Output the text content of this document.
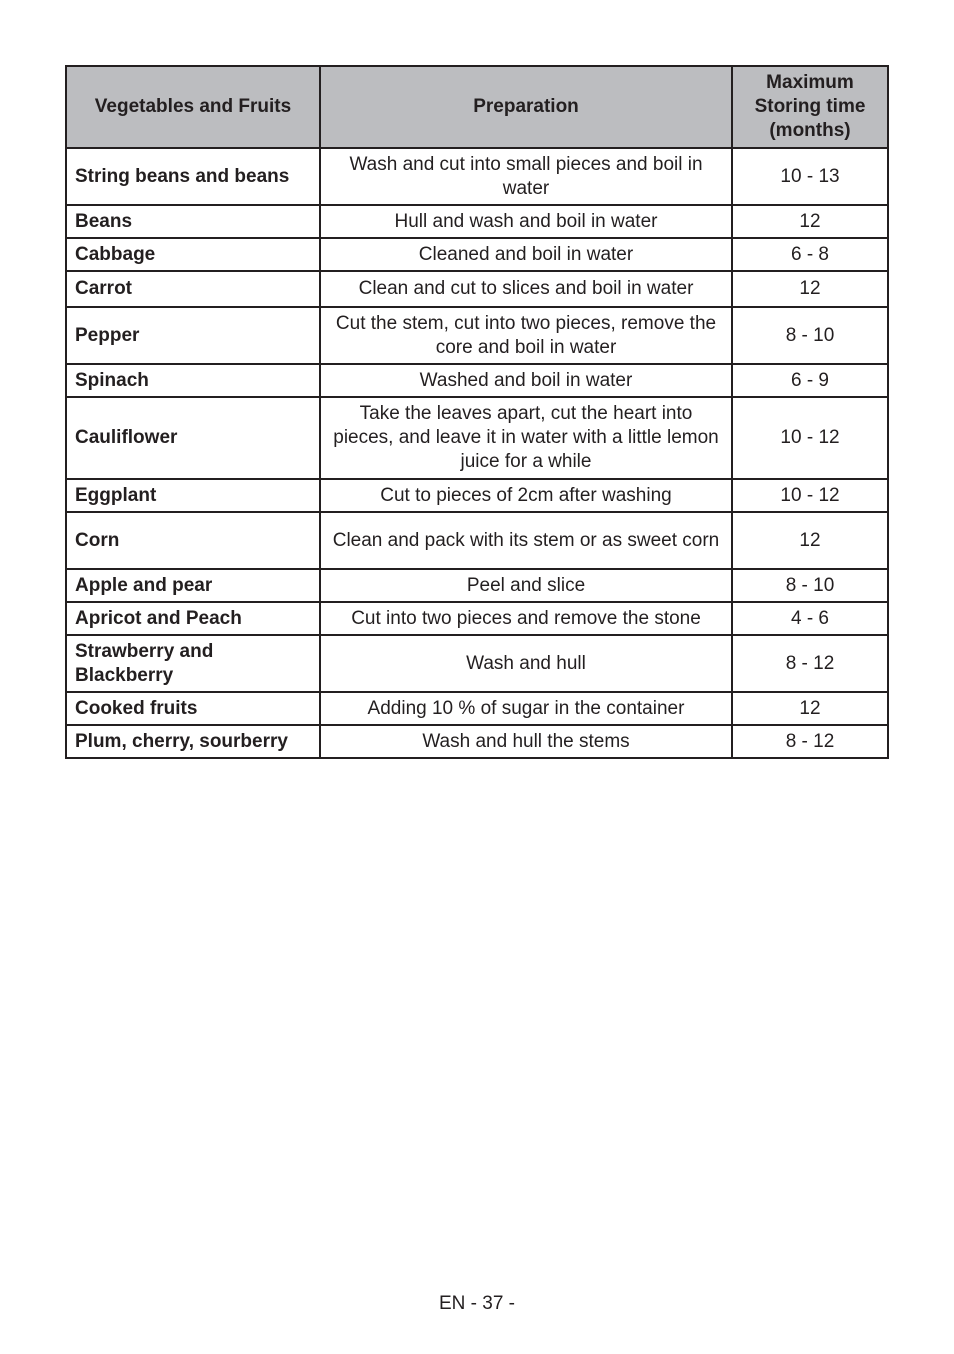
Vegetables and Fruits	Preparation	Maximum Storing time (months)
String beans and beans	Wash and cut into small pieces and boil in water	10 - 13
Beans	Hull and wash and boil in water	12
Cabbage	Cleaned and boil in water	6 - 8
Carrot	Clean and cut to slices and boil in water	12
Pepper	Cut the stem, cut into two pieces, remove the core and boil in water	8 - 10
Spinach	Washed and boil in water	6 - 9
Cauliflower	Take the leaves apart, cut the heart into pieces, and leave it in water with a little lemon juice for a while	10 - 12
Eggplant	Cut to pieces of 2cm after washing	10 - 12
Corn	Clean and pack with its stem or as sweet corn	12
Apple and pear	Peel and slice	8 - 10
Apricot and Peach	Cut into two pieces and remove the stone	4 - 6
Strawberry and Blackberry	Wash and hull	8 - 12
Cooked fruits	Adding 10 % of sugar in the container	12
Plum, cherry, sourberry	Wash and hull the stems	8 - 12
EN - 37 -
